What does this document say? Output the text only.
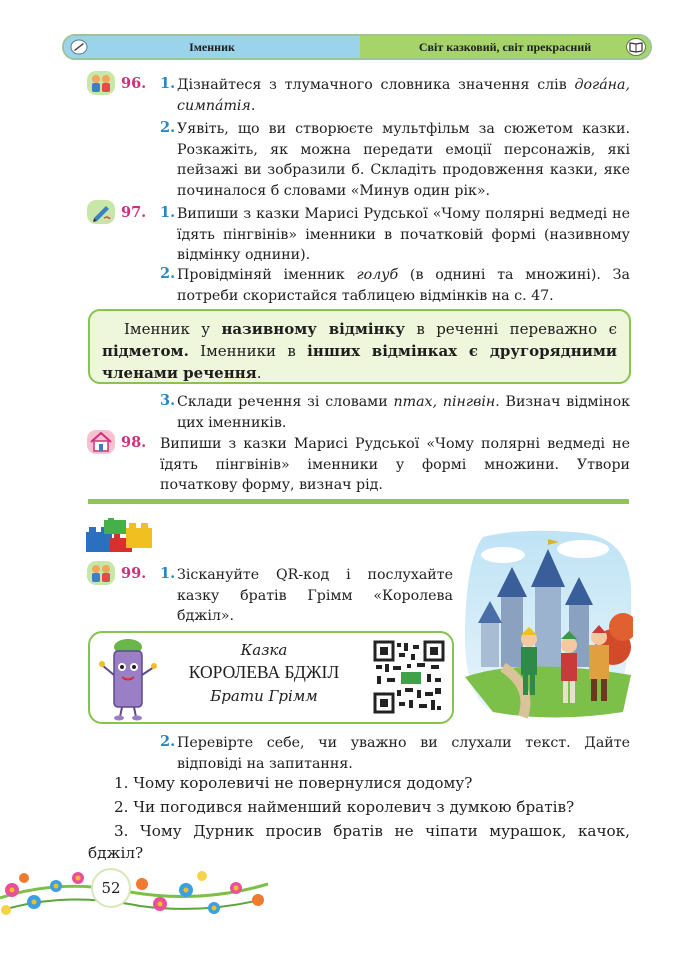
Іменник	Світ казковий, світ прекрасний
96. 1. Дізнайтеся з тлумачного словника значення слів догáна, симпáтія.
2. Уявіть, що ви створюєте мультфільм за сюжетом казки. Розкажіть, як можна передати емоції персонажів, які пейзажі ви зобразили б. Складіть продовження казки, яке починалося б словами «Минув один рік».
97. 1. Випиши з казки Марисі Рудської «Чому полярні ведмеді не їдять пінгвінів» іменники в початковій формі (називному відмінку однини).
2. Провідміняй іменник голуб (в однині та множині). За потреби скористайся таблицею відмінків на с. 47.
Іменник у називному відмінку в реченні переважно є підметом. Іменники в інших відмінках є другорядними членами речення.
3. Склади речення зі словами птах, пінгвін. Визнач відмінок цих іменників.
98. Випиши з казки Марисі Рудської «Чому полярні ведмеді не їдять пінгвінів» іменники у формі множини. Утвори початкову форму, визнач рід.
99. 1. Зіскануйте QR-код і послухайте казку братів Грімм «Королева бджіл».
Казка
КОРОЛЕВА БДЖІЛ
Брати Грімм
2. Перевірте себе, чи уважно ви слухали текст. Дайте відповіді на запитання.
1. Чому королевичі не повернулися додому?
2. Чи погодився найменший королевич з думкою братів?
3. Чому Дурник просив братів не чіпати мурашок, качок, бджіл?
52
